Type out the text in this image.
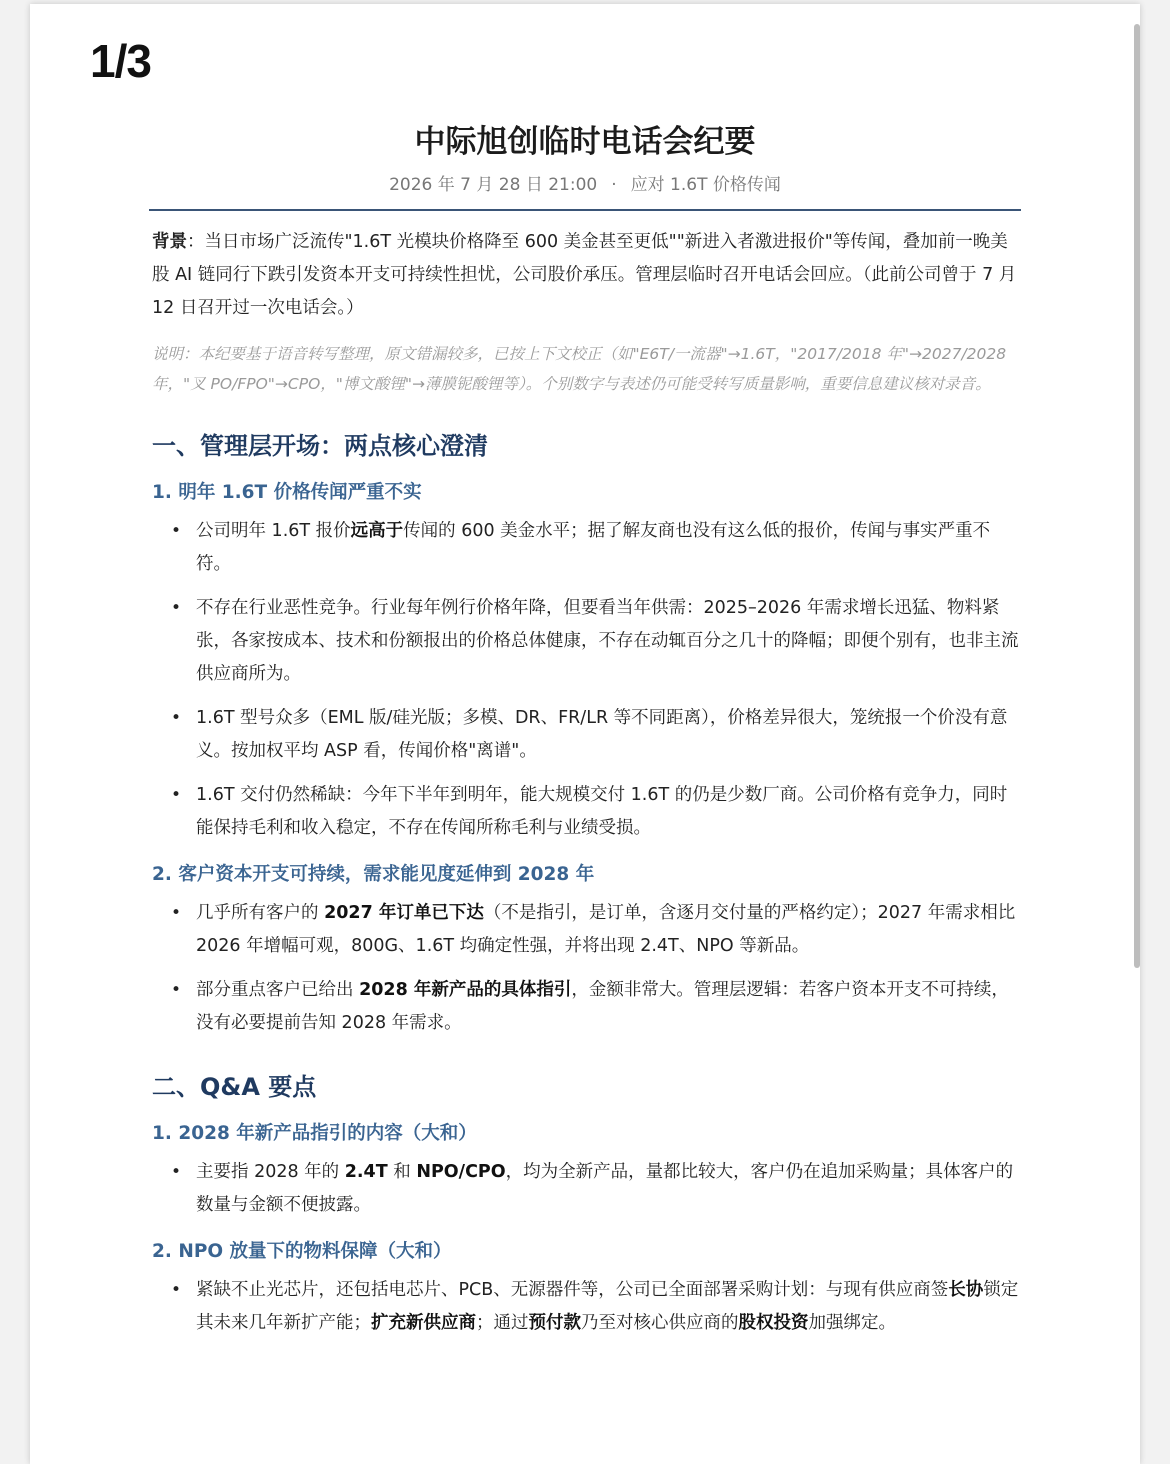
1/3
中际旭创临时电话会纪要
2026 年 7 月 28 日 21:00 · 应对 1.6T 价格传闻

背景：当日市场广泛流传"1.6T 光模块价格降至 600 美金甚至更低""新进入者激进报价"等传闻，叠加前一晚美股 AI 链同行下跌引发资本开支可持续性担忧，公司股价承压。管理层临时召开电话会回应。（此前公司曾于 7 月 12 日召开过一次电话会。）

说明：本纪要基于语音转写整理，原文错漏较多，已按上下文校正（如"E6T/一流器"→1.6T，"2017/2018 年"→2027/2028 年，"叉 PO/FPO"→CPO，"博文酸锂"→薄膜铌酸锂等）。个别数字与表述仍可能受转写质量影响，重要信息建议核对录音。

一、管理层开场：两点核心澄清
1. 明年 1.6T 价格传闻严重不实
• 公司明年 1.6T 报价远高于传闻的 600 美金水平；据了解友商也没有这么低的报价，传闻与事实严重不符。
• 不存在行业恶性竞争。行业每年例行价格年降，但要看当年供需：2025–2026 年需求增长迅猛、物料紧张，各家按成本、技术和份额报出的价格总体健康，不存在动辄百分之几十的降幅；即便个别有，也非主流供应商所为。
• 1.6T 型号众多（EML 版/硅光版；多模、DR、FR/LR 等不同距离），价格差异很大，笼统报一个价没有意义。按加权平均 ASP 看，传闻价格"离谱"。
• 1.6T 交付仍然稀缺：今年下半年到明年，能大规模交付 1.6T 的仍是少数厂商。公司价格有竞争力，同时能保持毛利和收入稳定，不存在传闻所称毛利与业绩受损。
2. 客户资本开支可持续，需求能见度延伸到 2028 年
• 几乎所有客户的 2027 年订单已下达（不是指引，是订单，含逐月交付量的严格约定）；2027 年需求相比 2026 年增幅可观，800G、1.6T 均确定性强，并将出现 2.4T、NPO 等新品。
• 部分重点客户已给出 2028 年新产品的具体指引，金额非常大。管理层逻辑：若客户资本开支不可持续，没有必要提前告知 2028 年需求。
二、Q&A 要点
1. 2028 年新产品指引的内容（大和）
• 主要指 2028 年的 2.4T 和 NPO/CPO，均为全新产品，量都比较大，客户仍在追加采购量；具体客户的数量与金额不便披露。
2. NPO 放量下的物料保障（大和）
• 紧缺不止光芯片，还包括电芯片、PCB、无源器件等，公司已全面部署采购计划：与现有供应商签长协锁定其未来几年新扩产能；扩充新供应商；通过预付款乃至对核心供应商的股权投资加强绑定。
